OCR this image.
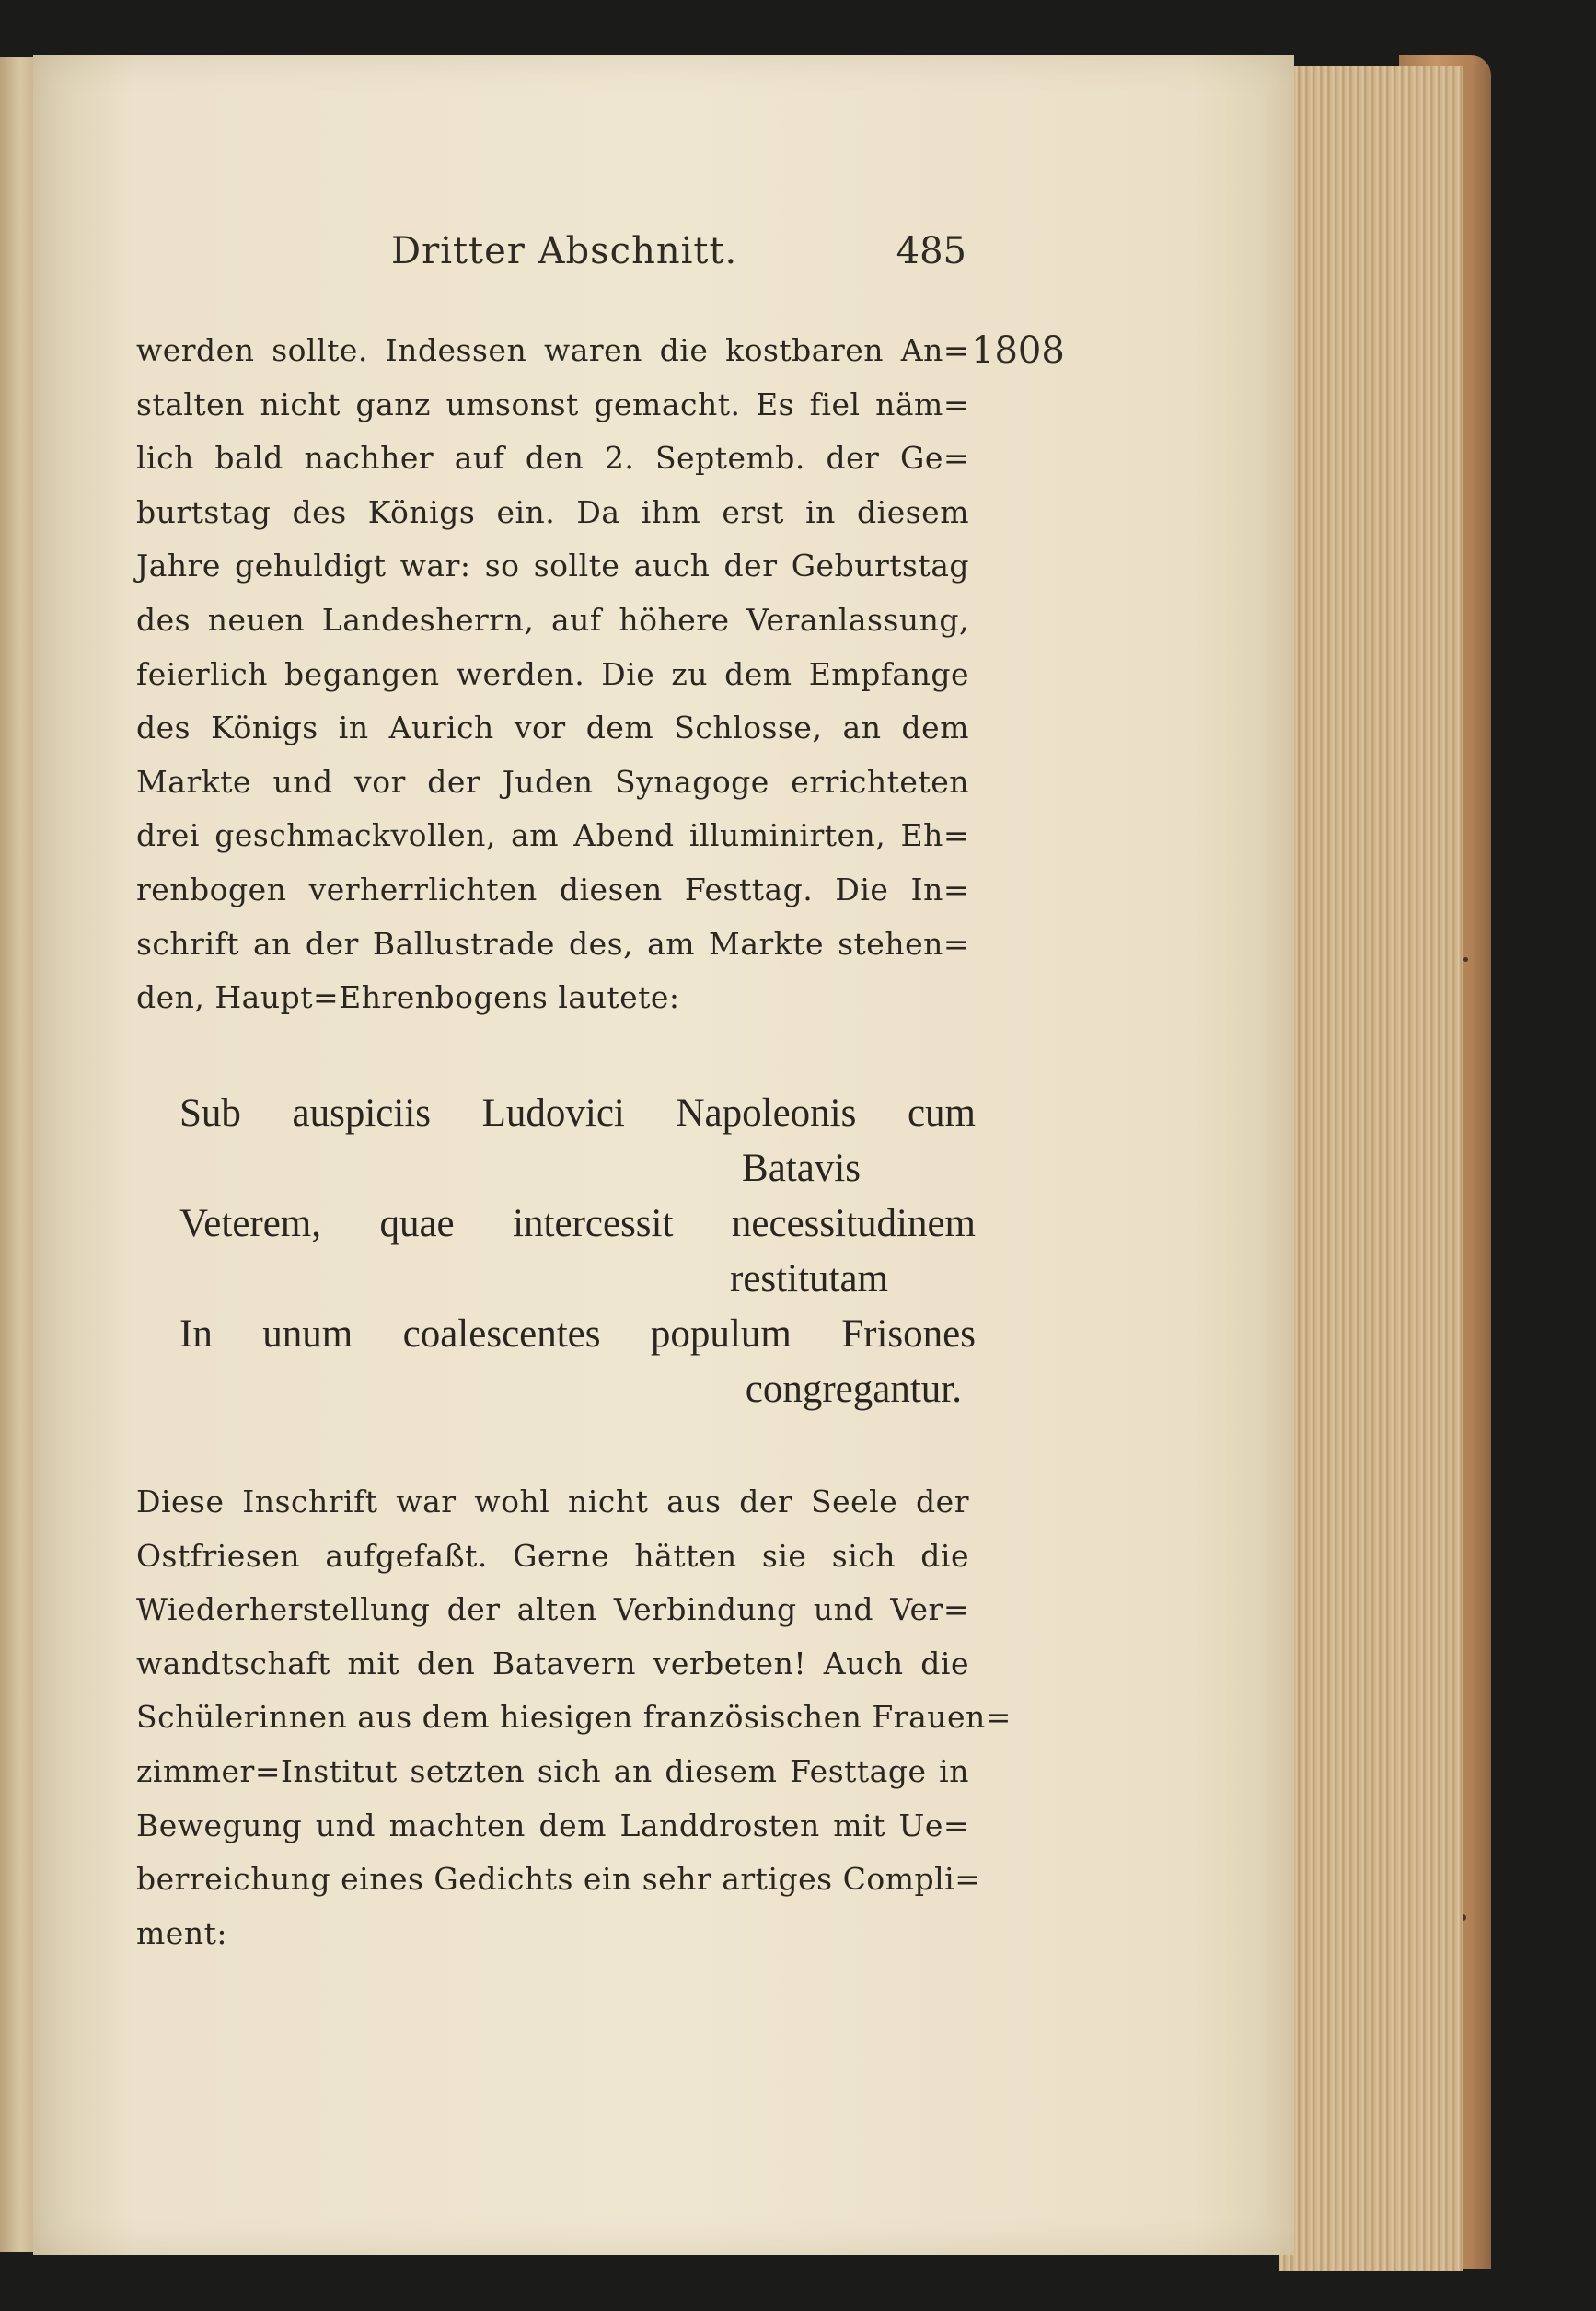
Dritter Abschnitt.	485
1808
werden sollte. Indessen waren die kostbaren An=
stalten nicht ganz umsonst gemacht. Es fiel näm=
lich bald nachher auf den 2. Septemb. der Ge=
burtstag des Königs ein. Da ihm erst in diesem
Jahre gehuldigt war: so sollte auch der Geburtstag
des neuen Landesherrn, auf höhere Veranlassung,
feierlich begangen werden. Die zu dem Empfange
des Königs in Aurich vor dem Schlosse, an dem
Markte und vor der Juden Synagoge errichteten
drei geschmackvollen, am Abend illuminirten, Eh=
renbogen verherrlichten diesen Festtag. Die In=
schrift an der Ballustrade des, am Markte stehen=
den, Haupt=Ehrenbogens lautete:
Sub auspiciis Ludovici Napoleonis cum
Batavis
Veterem, quae intercessit necessitudinem
restitutam
In unum coalescentes populum Frisones
congregantur.
Diese Inschrift war wohl nicht aus der Seele der
Ostfriesen aufgefaßt. Gerne hätten sie sich die
Wiederherstellung der alten Verbindung und Ver=
wandtschaft mit den Batavern verbeten! Auch die
Schülerinnen aus dem hiesigen französischen Frauen=
zimmer=Institut setzten sich an diesem Festtage in
Bewegung und machten dem Landdrosten mit Ue=
berreichung eines Gedichts ein sehr artiges Compli=
ment:
